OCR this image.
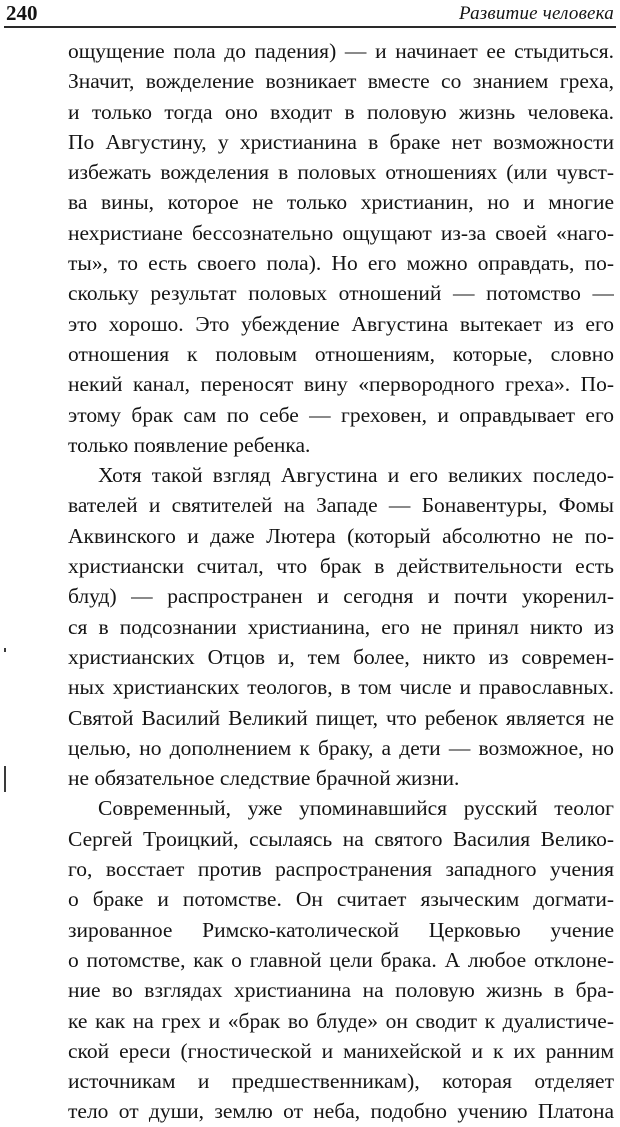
240	Развитие человека
ощущение пола до падения) — и начинает ее стыдиться.
Значит, вожделение возникает вместе со знанием греха,
и только тогда оно входит в половую жизнь человека.
По Августину, у христианина в браке нет возможности
избежать вожделения в половых отношениях (или чувст-
ва вины, которое не только христианин, но и многие
нехристиане бессознательно ощущают из-за своей «наго-
ты», то есть своего пола). Но его можно оправдать, по-
скольку результат половых отношений — потомство —
это хорошо. Это убеждение Августина вытекает из его
отношения к половым отношениям, которые, словно
некий канал, переносят вину «первородного греха». По-
этому брак сам по себе — греховен, и оправдывает его
только появление ребенка.
Хотя такой взгляд Августина и его великих последо-
вателей и святителей на Западе — Бонавентуры, Фомы
Аквинского и даже Лютера (который абсолютно не по-
христиански считал, что брак в действительности есть
блуд) — распространен и сегодня и почти укоренил-
ся в подсознании христианина, его не принял никто из
христианских Отцов и, тем более, никто из современ-
ных христианских теологов, в том числе и православных.
Святой Василий Великий пищет, что ребенок является не
целью, но дополнением к браку, а дети — возможное, но
не обязательное следствие брачной жизни.
Современный, уже упоминавшийся русский теолог
Сергей Троицкий, ссылаясь на святого Василия Велико-
го, восстает против распространения западного учения
о браке и потомстве. Он считает языческим догмати-
зированное Римско-католической Церковью учение
о потомстве, как о главной цели брака. А любое отклоне-
ние во взглядах христианина на половую жизнь в бра-
ке как на грех и «брак во блуде» он сводит к дуалистиче-
ской ереси (гностической и манихейской и к их ранним
источникам и предшественникам), которая отделяет
тело от души, землю от неба, подобно учению Платона
